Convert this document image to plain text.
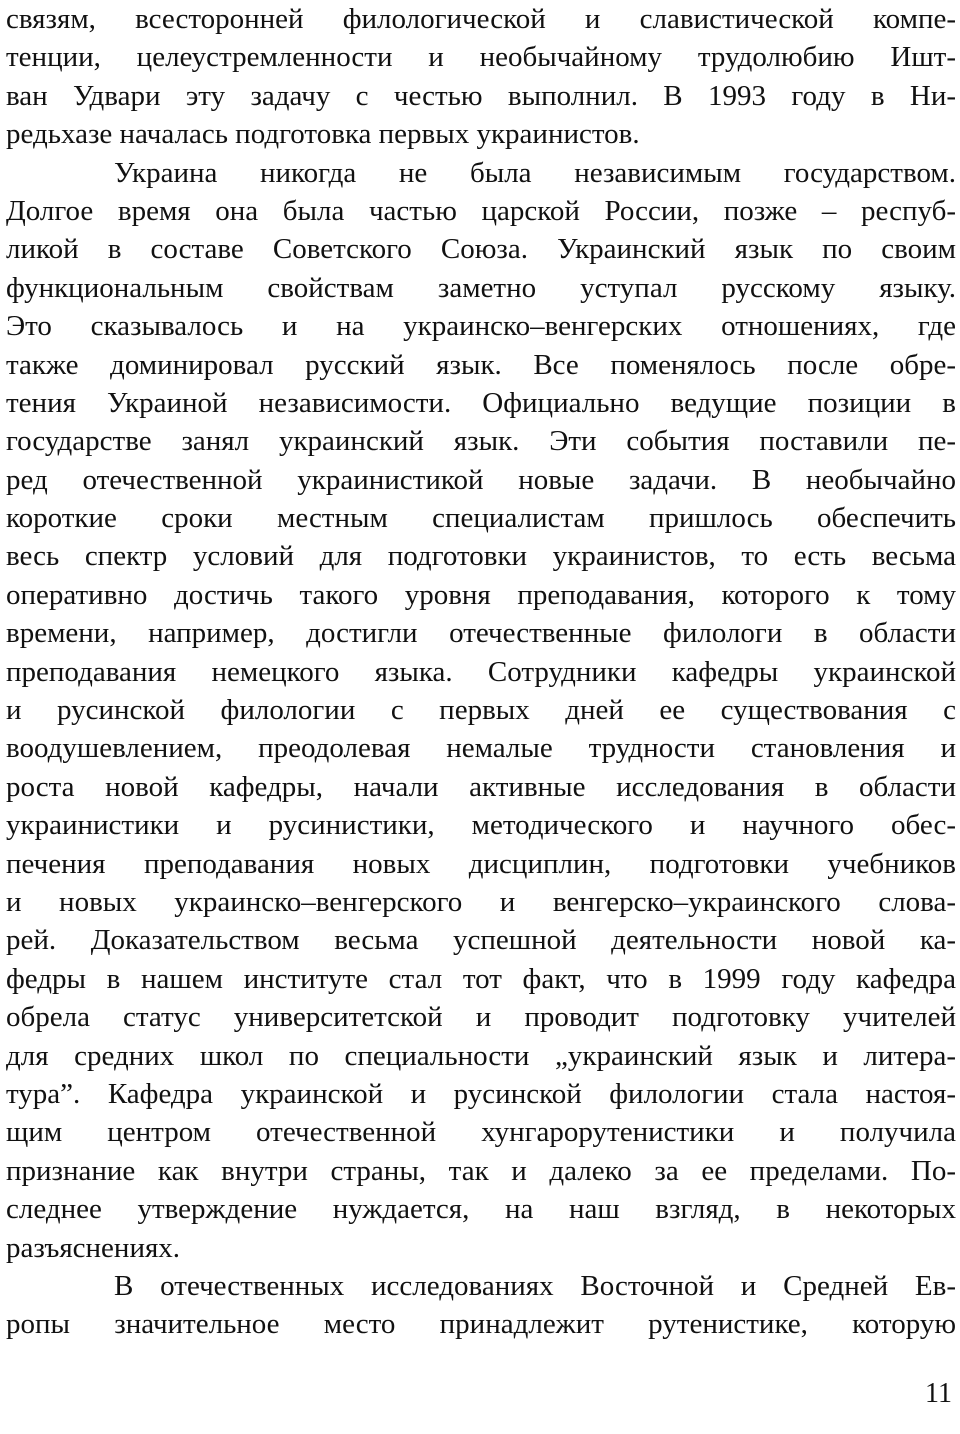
связям, всесторонней филологической и славистической компе-
тенции, целеустремленности и необычайному трудолюбию Ишт-
ван Удвари эту задачу с честью выполнил. В 1993 году в Ни-
редьхазе началась подготовка первых украинистов.
Украина никогда не была независимым государством.
Долгое время она была частью царской России, позже – респуб-
ликой в составе Советского Союза. Украинский язык по своим
функциональным свойствам заметно уступал русскому языку.
Это сказывалось и на украинско–венгерских отношениях, где
также доминировал русский язык. Все поменялось после обре-
тения Украиной независимости. Официально ведущие позиции в
государстве занял украинский язык. Эти события поставили пе-
ред отечественной украинистикой новые задачи. В необычайно
короткие сроки местным специалистам пришлось обеспечить
весь спектр условий для подготовки украинистов, то есть весьма
оперативно достичь такого уровня преподавания, которого к тому
времени, например, достигли отечественные филологи в области
преподавания немецкого языка. Сотрудники кафедры украинской
и русинской филологии с первых дней ее существования с
воодушевлением, преодолевая немалые трудности становления и
роста новой кафедры, начали активные исследования в области
украинистики и русинистики, методического и научного обес-
печения преподавания новых дисциплин, подготовки учебников
и новых украинско–венгерского и венгерско–украинского слова-
рей. Доказательством весьма успешной деятельности новой ка-
федры в нашем институте стал тот факт, что в 1999 году кафедра
обрела статус университетской и проводит подготовку учителей
для средних школ по специальности „украинский язык и литера-
тура”. Кафедра украинской и русинской филологии стала настоя-
щим центром отечественной хунгарорутенистики и получила
признание как внутри страны, так и далеко за ее пределами. По-
следнее утверждение нуждается, на наш взгляд, в некоторых
разъяснениях.
В отечественных исследованиях Восточной и Средней Ев-
ропы значительное место принадлежит рутенистике, которую
11
